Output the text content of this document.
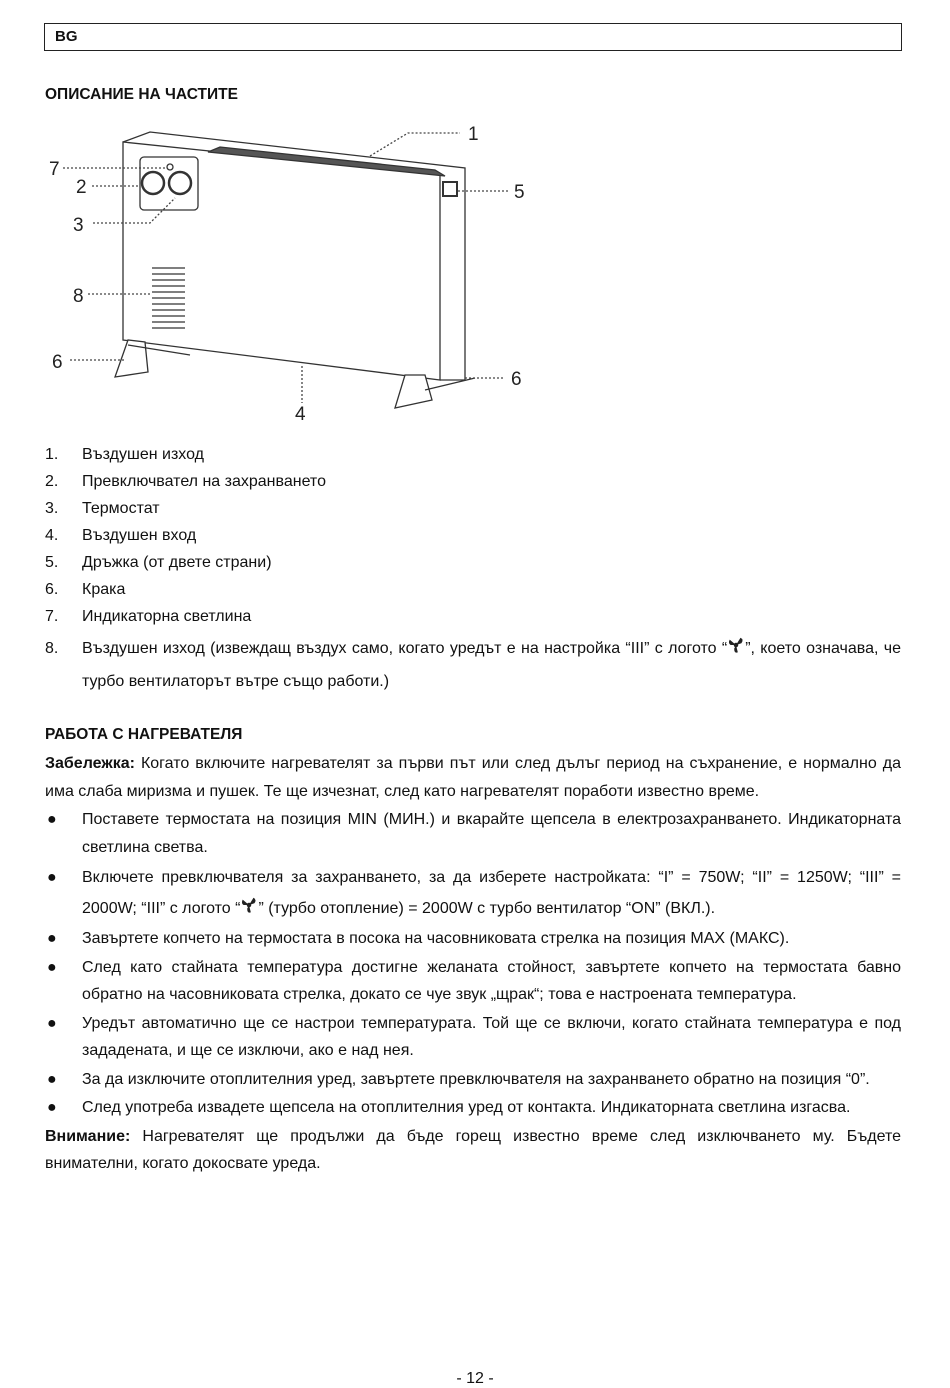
BG
ОПИСАНИЕ НА ЧАСТИТЕ
1
2
3
4
5
6
6
7
8
1. Въздушен изход
2. Превключвател на захранването
3. Термостат
4. Въздушен вход
5. Дръжка (от двете страни)
6. Крака
7. Индикаторна светлина
8. Въздушен изход (извеждащ въздух само, когато уредът е на настройка “III” с логото “ ”, което означава, че турбо вентилаторът вътре също работи.)
РАБОТА С НАГРЕВАТЕЛЯ
Забележка: Когато включите нагревателят за първи път или след дълъг период на съхранение, е нормално да има слаба миризма и пушек. Те ще изчезнат, след като нагревателят поработи известно време.
● Поставете термостата на позиция MIN (МИН.) и вкарайте щепсела в електрозахранването. Индикаторната светлина светва.
● Включете превключвателя за захранването, за да изберете настройката: “I” = 750W; “II” = 1250W; “III” = 2000W; “III” с логото “ ” (турбо отопление) = 2000W с турбо вентилатор “ON” (ВКЛ.).
● Завъртете копчето на термостата в посока на часовниковата стрелка на позиция MAX (МАКС).
● След като стайната температура достигне желаната стойност, завъртете копчето на термостата бавно обратно на часовниковата стрелка, докато се чуе звук „щрак“; това е настроената температура.
● Уредът автоматично ще се настрои температурата. Той ще се включи, когато стайната температура е под зададената, и ще се изключи, ако е над нея.
● За да изключите отоплителния уред, завъртете превключвателя на захранването обратно на позиция “0”.
● След употреба извадете щепсела на отоплителния уред от контакта. Индикаторната светлина изгасва.
Внимание: Нагревателят ще продължи да бъде горещ известно време след изключването му. Бъдете внимателни, когато докосвате уреда.
- 12 -
